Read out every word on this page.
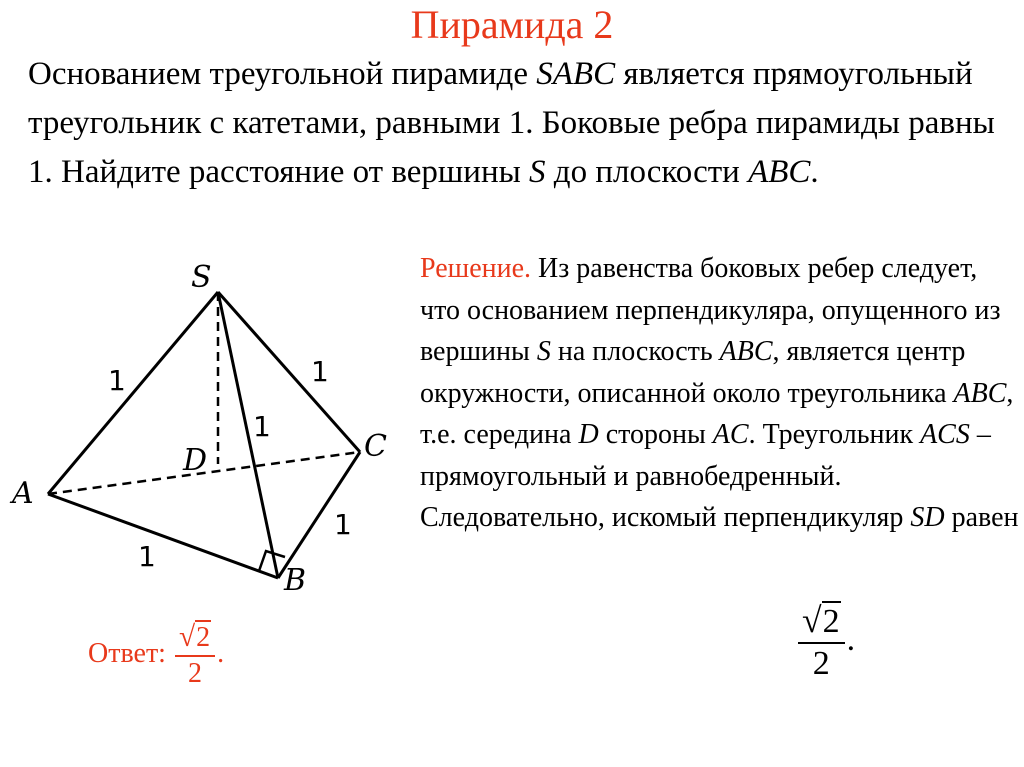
Пирамида 2
Основанием треугольной пирамиде SABC является прямоугольный треугольник с катетами, равными 1. Боковые ребра пирамиды равны 1. Найдите расстояние от вершины S до плоскости ABC.
S
A
B
C
D
1	1
1
1
1
Решение. Из равенства боковых ребер следует, что основанием перпендикуляра, опущенного из вершины S на плоскость ABC, является центр окружности, описанной около треугольника ABC, т.е. середина D стороны AC. Треугольник ACS – прямоугольный и равнобедренный. Следовательно, искомый перпендикуляр SD равен
$\frac{√2}{2}$ .
Ответ: $\frac{√2}{2}$ .
